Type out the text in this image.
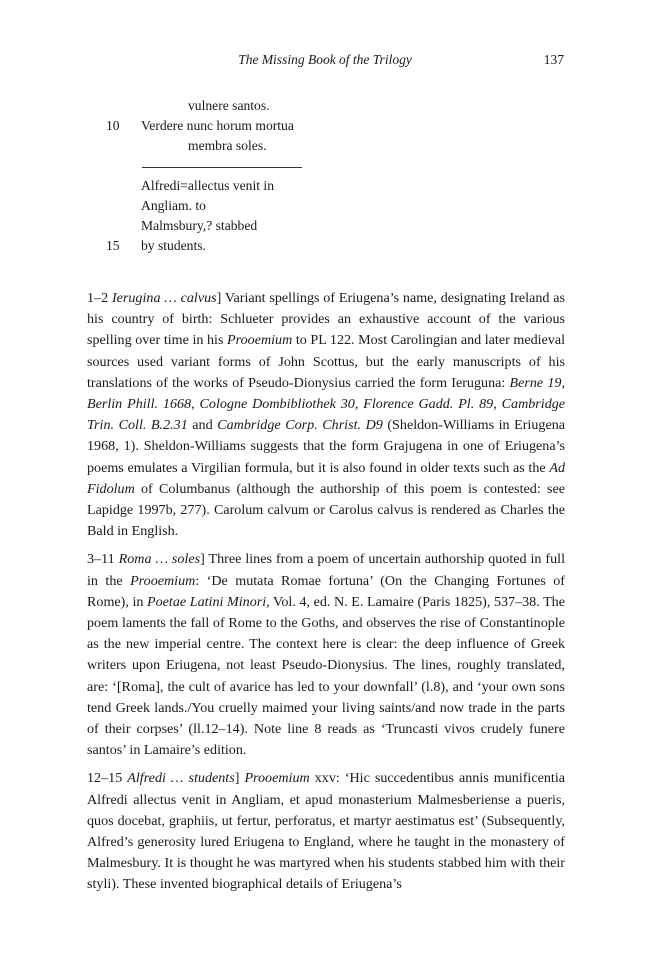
The Missing Book of the Trilogy	137
vulnere santos.
10 Verdere nunc horum mortua
membra soles.
Alfredi=allectus venit in
Angliam. to
Malmsbury,? stabbed
15 by students.

1–2 Ierugina … calvus] Variant spellings of Eriugena’s name, designating Ireland as his country of birth: Schlueter provides an exhaustive account of the various spelling over time in his Prooemium to PL 122. Most Carolingian and later medieval sources used variant forms of John Scottus, but the early manuscripts of his translations of the works of Pseudo-Dionysius carried the form Ieruguna: Berne 19, Berlin Phill. 1668, Cologne Dombibliothek 30, Florence Gadd. Pl. 89, Cambridge Trin. Coll. B.2.31 and Cambridge Corp. Christ. D9 (Sheldon-Williams in Eriugena 1968, 1). Sheldon-Williams suggests that the form Grajugena in one of Eriugena’s poems emulates a Virgilian formula, but it is also found in older texts such as the Ad Fidolum of Columbanus (although the authorship of this poem is contested: see Lapidge 1997b, 277). Carolum calvum or Carolus calvus is rendered as Charles the Bald in English.

3–11 Roma … soles] Three lines from a poem of uncertain authorship quoted in full in the Prooemium: ‘De mutata Romae fortuna’ (On the Changing Fortunes of Rome), in Poetae Latini Minori, Vol. 4, ed. N. E. Lamaire (Paris 1825), 537–38. The poem laments the fall of Rome to the Goths, and observes the rise of Constantinople as the new imperial centre. The context here is clear: the deep influence of Greek writers upon Eriugena, not least Pseudo-Dionysius. The lines, roughly translated, are: ‘[Roma], the cult of avarice has led to your downfall’ (l.8), and ‘your own sons tend Greek lands./You cruelly maimed your living saints/and now trade in the parts of their corpses’ (ll.12–14). Note line 8 reads as ‘Truncasti vivos crudely funere santos’ in Lamaire’s edition.

12–15 Alfredi … students] Prooemium xxv: ‘Hic succedentibus annis munificentia Alfredi allectus venit in Angliam, et apud monasterium Malmesberiense a pueris, quos docebat, graphiis, ut fertur, perforatus, et martyr aestimatus est’ (Subsequently, Alfred’s generosity lured Eriugena to England, where he taught in the monastery of Malmesbury. It is thought he was martyred when his students stabbed him with their styli). These invented biographical details of Eriugena’s
